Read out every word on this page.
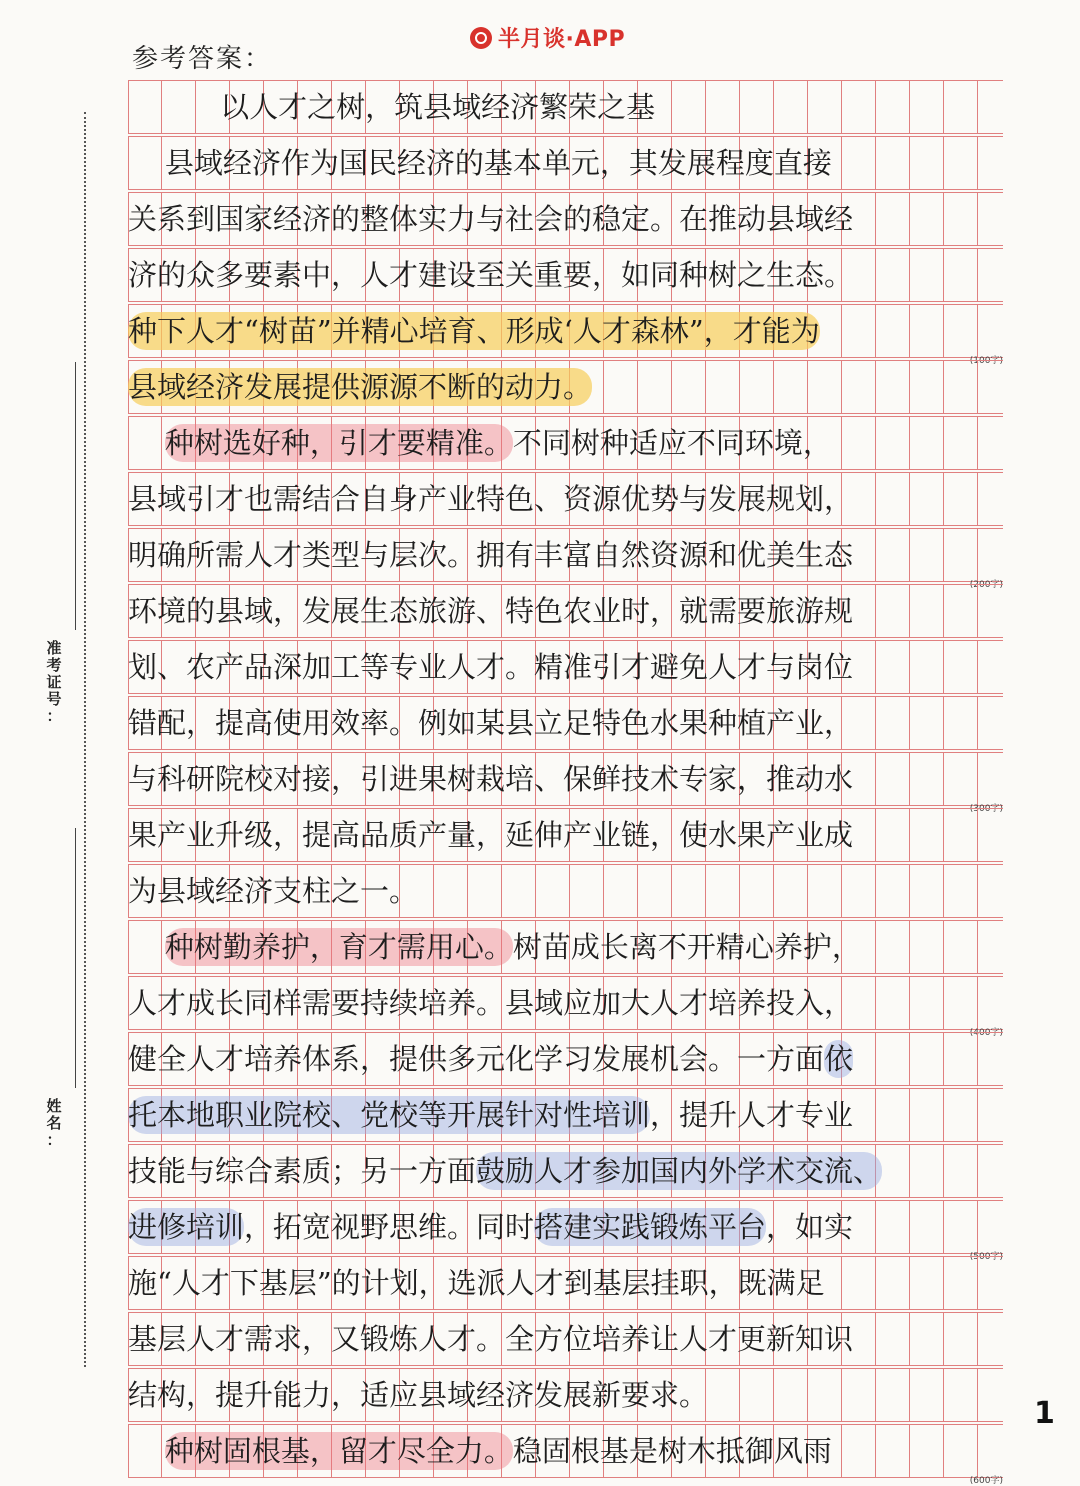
半月谈·APP
参考答案：
准
考
证
号
：
姓
名
：
以人才之树，筑县域经济繁荣之基
县域经济作为国民经济的基本单元，其发展程度直接
关系到国家经济的整体实力与社会的稳定。在推动县域经
济的众多要素中，人才建设至关重要，如同种树之生态。
种下人才“树苗”并精心培育、形成‘人才森林”，才能为
(100字)
县域经济发展提供源源不断的动力。
种树选好种，引才要精准。不同树种适应不同环境，
县域引才也需结合自身产业特色、资源优势与发展规划，
明确所需人才类型与层次。拥有丰富自然资源和优美生态
(200字)
环境的县域，发展生态旅游、特色农业时，就需要旅游规
划、农产品深加工等专业人才。精准引才避免人才与岗位
错配，提高使用效率。例如某县立足特色水果种植产业，
与科研院校对接，引进果树栽培、保鲜技术专家，推动水
(300字)
果产业升级，提高品质产量，延伸产业链，使水果产业成
为县域经济支柱之一。
种树勤养护，育才需用心。树苗成长离不开精心养护，
人才成长同样需要持续培养。县域应加大人才培养投入，
(400字)
健全人才培养体系，提供多元化学习发展机会。一方面依
托本地职业院校、党校等开展针对性培训，提升人才专业
技能与综合素质；另一方面鼓励人才参加国内外学术交流、
进修培训，拓宽视野思维。同时搭建实践锻炼平台，如实
(500字)
施“人才下基层”的计划，选派人才到基层挂职，既满足
基层人才需求，又锻炼人才。全方位培养让人才更新知识
结构，提升能力，适应县域经济发展新要求。
种树固根基，留才尽全力。稳固根基是树木抵御风雨
(600字)
1
